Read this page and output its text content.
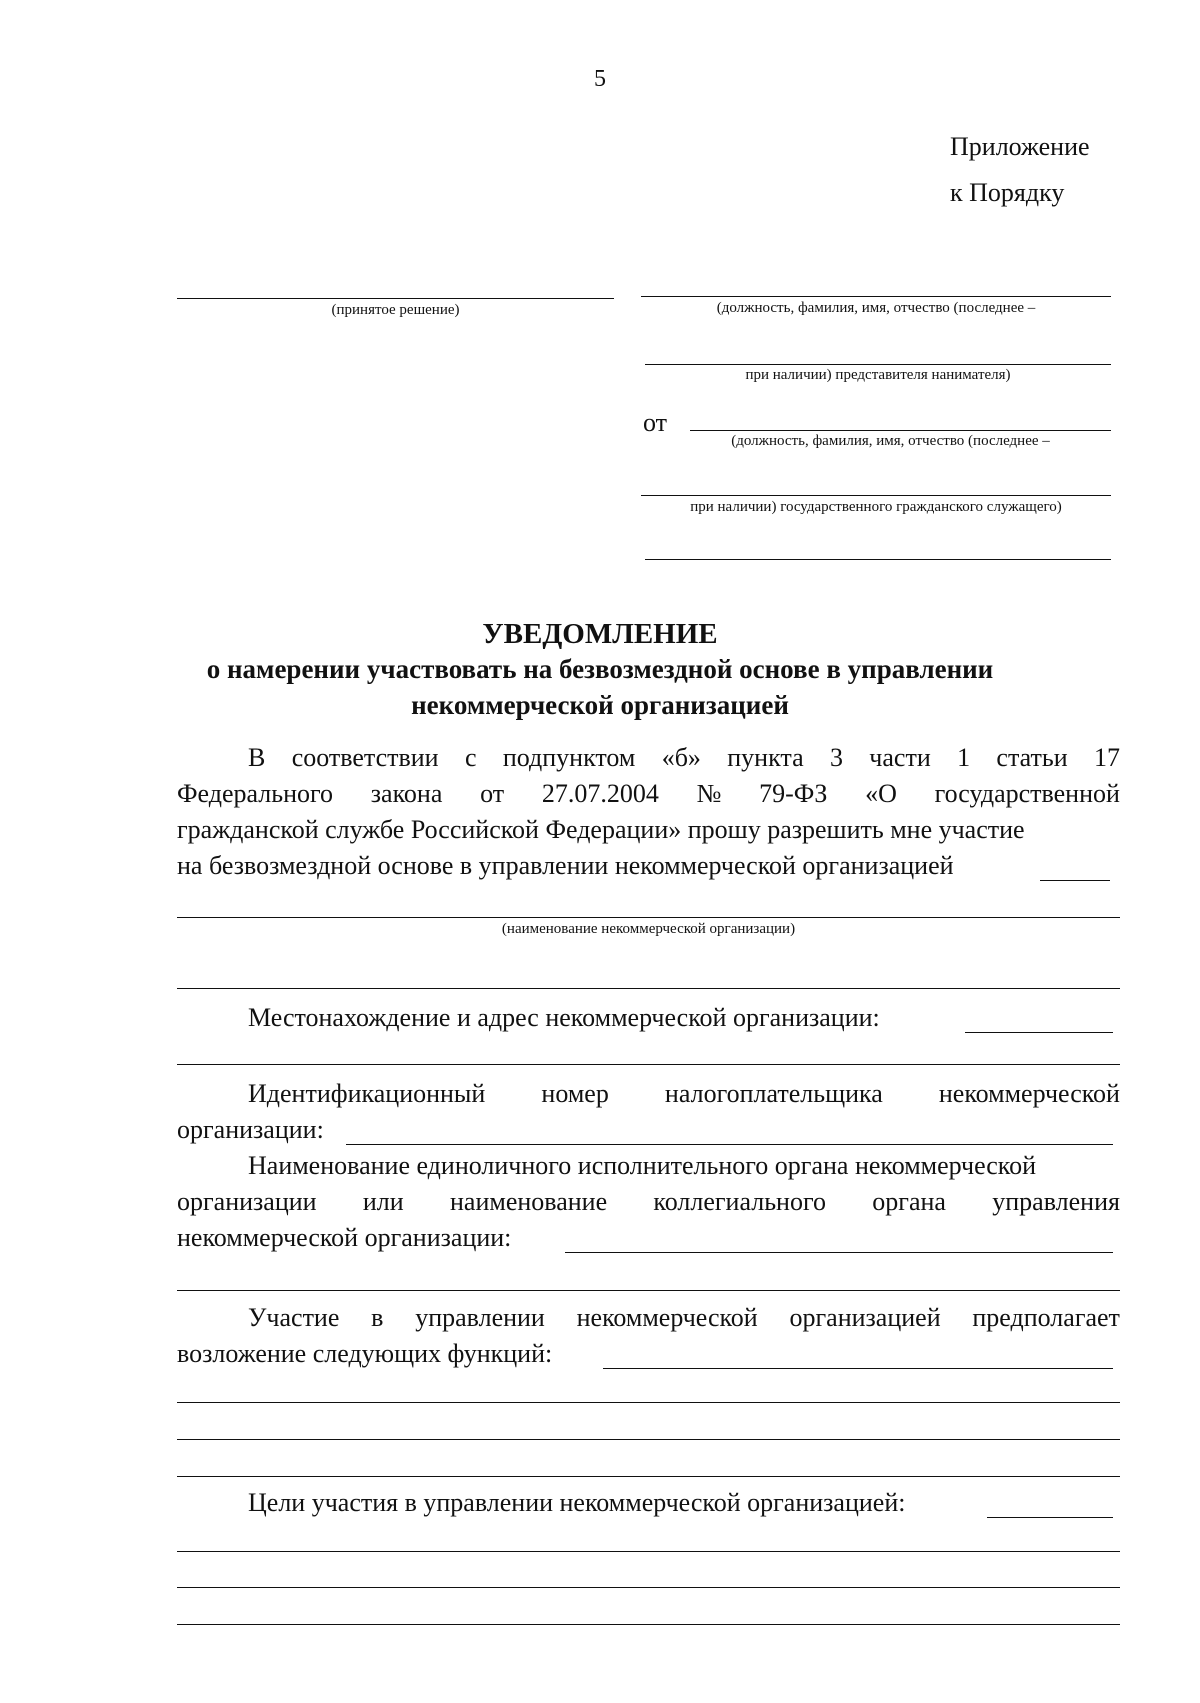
5
Приложение
к Порядку
(принятое решение)	(должность, фамилия, имя, отчество (последнее –
при наличии) представителя нанимателя)
от
(должность, фамилия, имя, отчество (последнее –
при наличии) государственного гражданского служащего)
УВЕДОМЛЕНИЕ
о намерении участвовать на безвозмездной основе в управлении
некоммерческой организацией
В соответствии с подпунктом «б» пункта 3 части 1 статьи 17
Федерального закона от 27.07.2004 № 79-ФЗ «О государственной
гражданской службе Российской Федерации» прошу разрешить мне участие
на безвозмездной основе в управлении некоммерческой организацией
(наименование некоммерческой организации)
Местонахождение и адрес некоммерческой организации:
Идентификационный номер налогоплательщика некоммерческой
организации:
Наименование единоличного исполнительного органа некоммерческой
организации или наименование коллегиального органа управления
некоммерческой организации:
Участие в управлении некоммерческой организацией предполагает
возложение следующих функций:
Цели участия в управлении некоммерческой организацией:
